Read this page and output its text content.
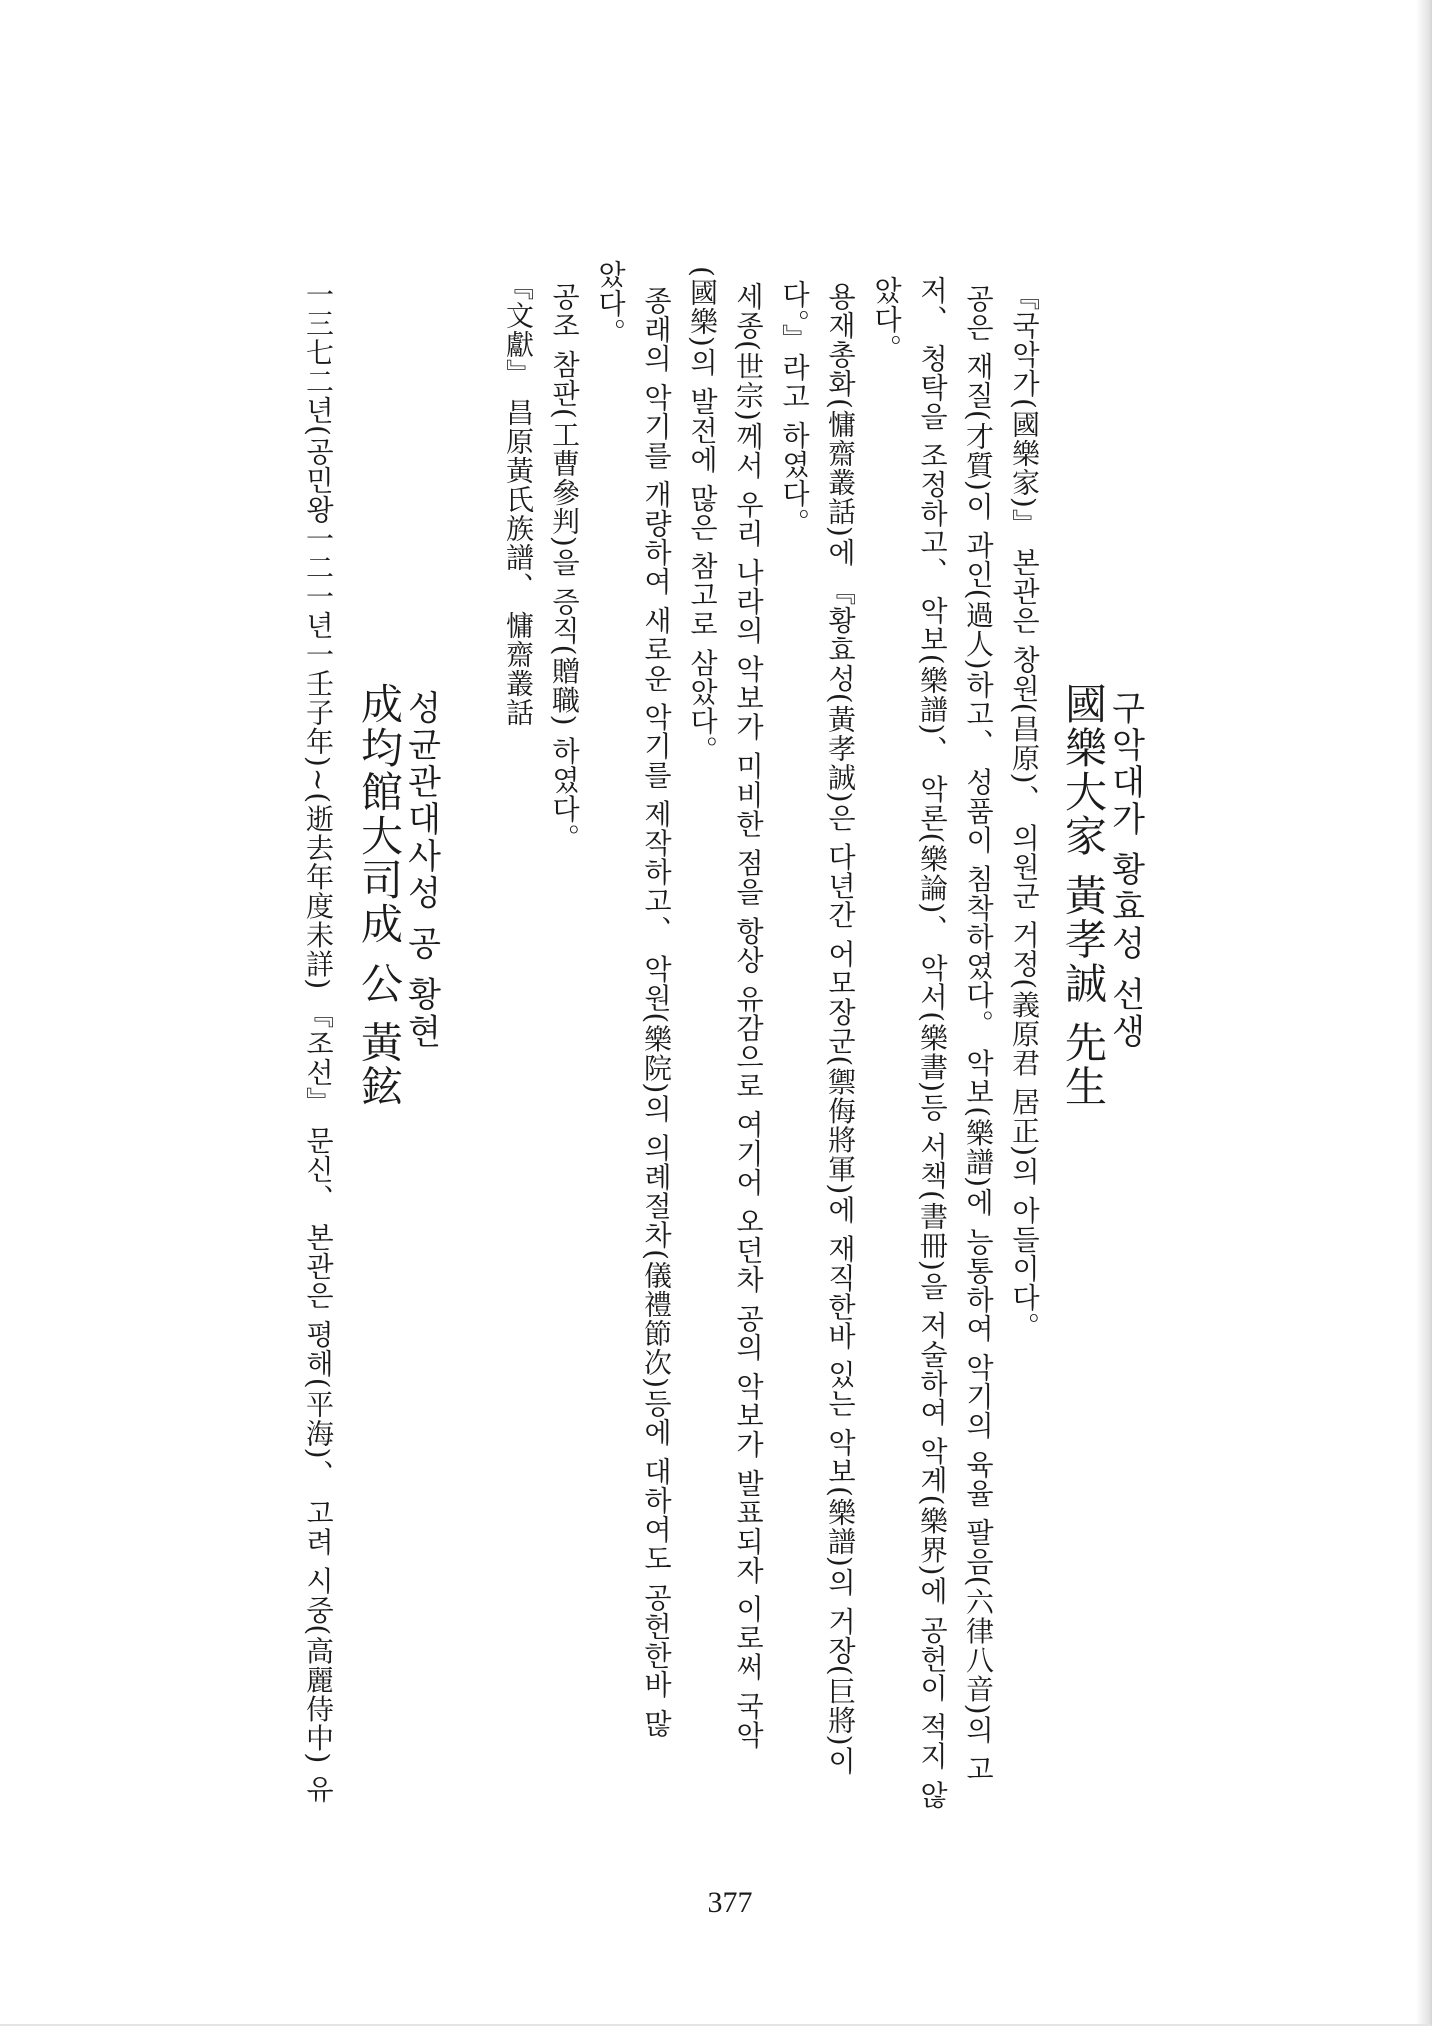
구악대가 황효성 선생
國樂大家 黃孝誠 先生
『국악가(國樂家)』 본관은 창원(昌原)、 의원군 거정(義原君 居正)의 아들이다。
공은 재질(才質)이 과인(過人)하고、 성품이 침착하였다。 악보(樂譜)에 능통하여 악기의 육율 팔음(六律八音)의 고
저、 청탁을 조정하고、 악보(樂譜)、 악론(樂論)、 악서(樂書)등 서책(書冊)을 저술하여 악계(樂界)에 공헌이 적지 않
았다。
용재총화(慵齋叢話)에 『황효성(黃孝誠)은 다년간 어모장군(禦侮將軍)에 재직한바 있는 악보(樂譜)의 거장(巨將)이
다。』라고 하였다。
세종(世宗)께서 우리 나라의 악보가 미비한 점을 항상 유감으로 여기어 오던차 공의 악보가 발표되자 이로써 국악
(國樂)의 발전에 많은 참고로 삼았다。
종래의 악기를 개량하여 새로운 악기를 제작하고、 악원(樂院)의 의례절차(儀禮節次)등에 대하여도 공헌한바 많
았다。
공조 참판(工曹參判)을 증직(贈職) 하였다。
『文獻』 昌原黃氏族譜、 慵齋叢話
성균관대사성 공 황현
成均館大司成 公 黃鉉
一三七二년(공민왕一二一년一壬子年)~(逝去年度未詳) 『조선』 문신、 본관은 평해(平海)、 고려 시중(高麗侍中) 유
377
